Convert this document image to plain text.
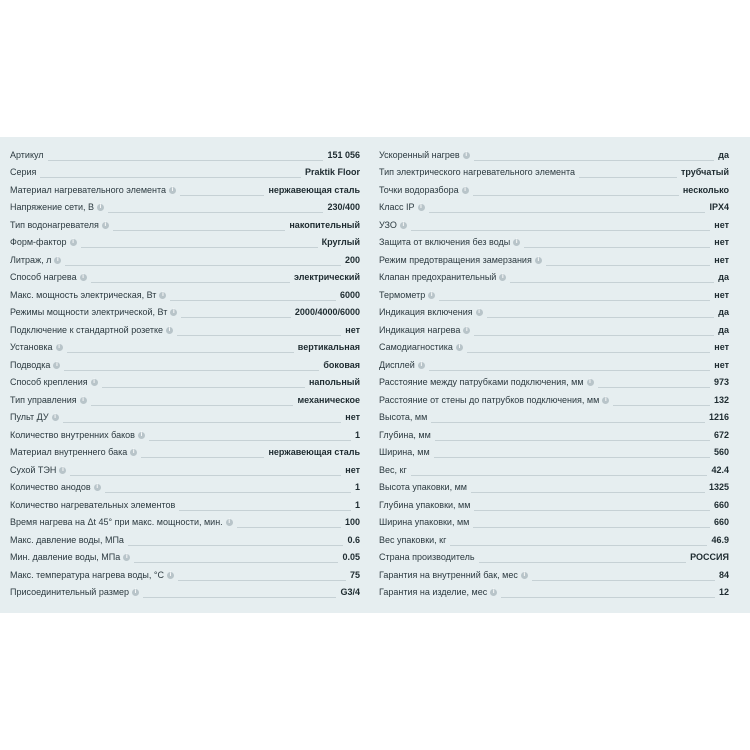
Артикул	151 056
Серия	Praktik Floor
Материал нагревательного элемента i	нержавеющая сталь
Напряжение сети, В i	230/400
Тип водонагревателя i	накопительный
Форм-фактор i	Круглый
Литраж, л i	200
Способ нагрева i	электрический
Макс. мощность электрическая, Вт i	6000
Режимы мощности электрической, Вт i	2000/4000/6000
Подключение к стандартной розетке i	нет
Установка i	вертикальная
Подводка i	боковая
Способ крепления i	напольный
Тип управления i	механическое
Пульт ДУ i	нет
Количество внутренних баков i	1
Материал внутреннего бака i	нержавеющая сталь
Сухой ТЭН i	нет
Количество анодов i	1
Количество нагревательных элементов	1
Время нагрева на Δt 45° при макс. мощности, мин. i	100
Макс. давление воды, МПа	0.6
Мин. давление воды, МПа i	0.05
Макс. температура нагрева воды, °С i	75
Присоединительный размер i	G3/4
Ускоренный нагрев i	да
Тип электрического нагревательного элемента	трубчатый
Точки водоразбора i	несколько
Класс IP i	IPX4
УЗО i	нет
Защита от включения без воды i	нет
Режим предотвращения замерзания i	нет
Клапан предохранительный i	да
Термометр i	нет
Индикация включения i	да
Индикация нагрева i	да
Самодиагностика i	нет
Дисплей i	нет
Расстояние между патрубками подключения, мм i	973
Расстояние от стены до патрубков подключения, мм i	132
Высота, мм	1216
Глубина, мм	672
Ширина, мм	560
Вес, кг	42.4
Высота упаковки, мм	1325
Глубина упаковки, мм	660
Ширина упаковки, мм	660
Вес упаковки, кг	46.9
Страна производитель	РОССИЯ
Гарантия на внутренний бак, мес i	84
Гарантия на изделие, мес i	12
